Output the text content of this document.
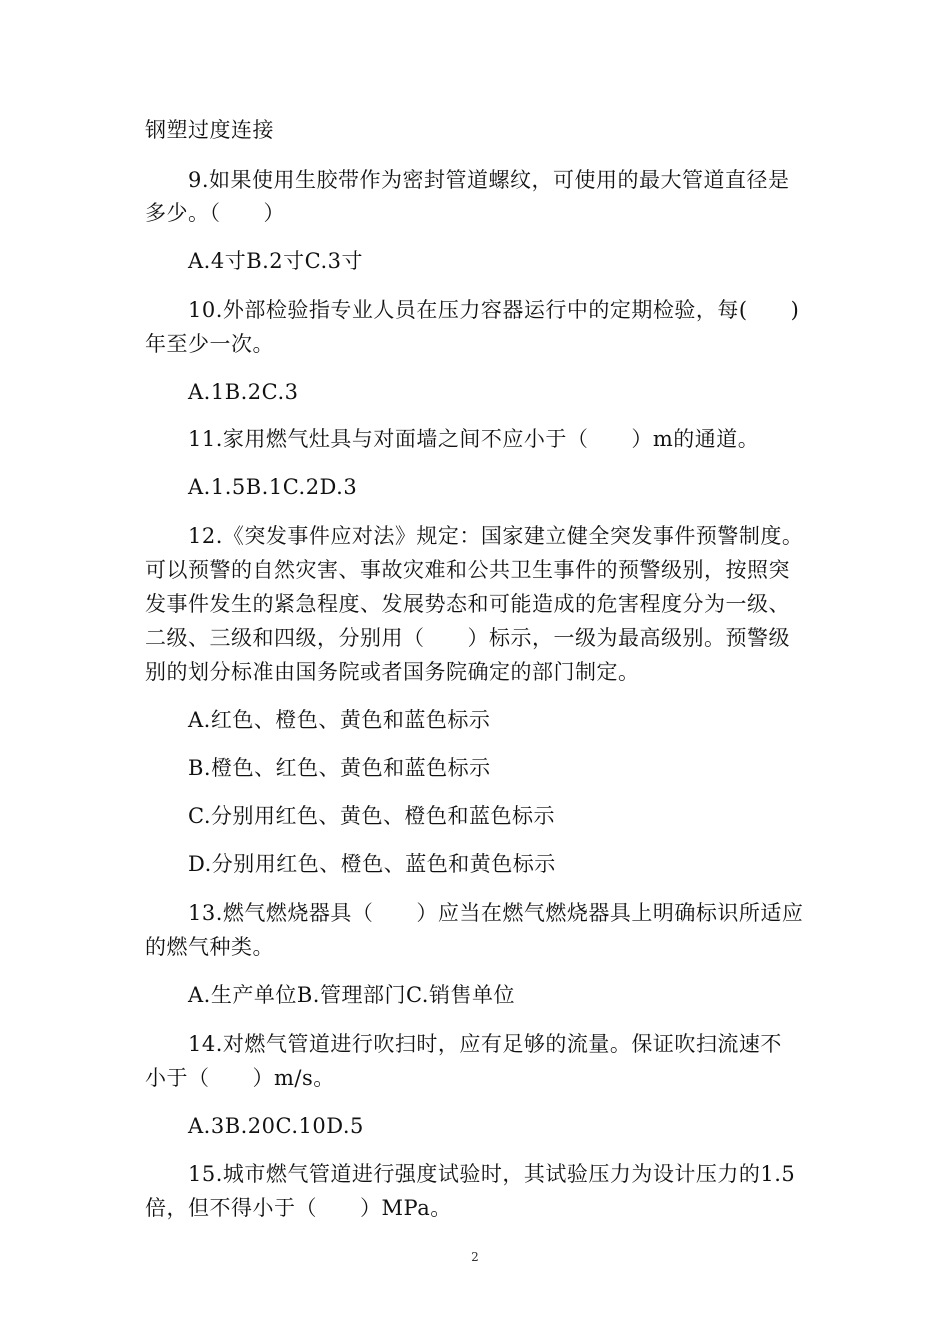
钢塑过度连接
9.如果使用生胶带作为密封管道螺纹，可使用的最大管道直径是
多少。（　　）
A.4寸B.2寸C.3寸
10.外部检验指专业人员在压力容器运行中的定期检验，每(　　)
年至少一次。
A.1B.2C.3
11.家用燃气灶具与对面墙之间不应小于（　　）m的通道。
A.1.5B.1C.2D.3
12.《突发事件应对法》规定：国家建立健全突发事件预警制度。
可以预警的自然灾害、事故灾难和公共卫生事件的预警级别，按照突
发事件发生的紧急程度、发展势态和可能造成的危害程度分为一级、
二级、三级和四级，分别用（　　）标示，一级为最高级别。预警级
别的划分标准由国务院或者国务院确定的部门制定。
A.红色、橙色、黄色和蓝色标示
B.橙色、红色、黄色和蓝色标示
C.分别用红色、黄色、橙色和蓝色标示
D.分别用红色、橙色、蓝色和黄色标示
13.燃气燃烧器具（　　）应当在燃气燃烧器具上明确标识所适应
的燃气种类。
A.生产单位B.管理部门C.销售单位
14.对燃气管道进行吹扫时，应有足够的流量。保证吹扫流速不
小于（　　）m/s。
A.3B.20C.10D.5
15.城市燃气管道进行强度试验时，其试验压力为设计压力的1.5
倍，但不得小于（　　）MPa。
2
